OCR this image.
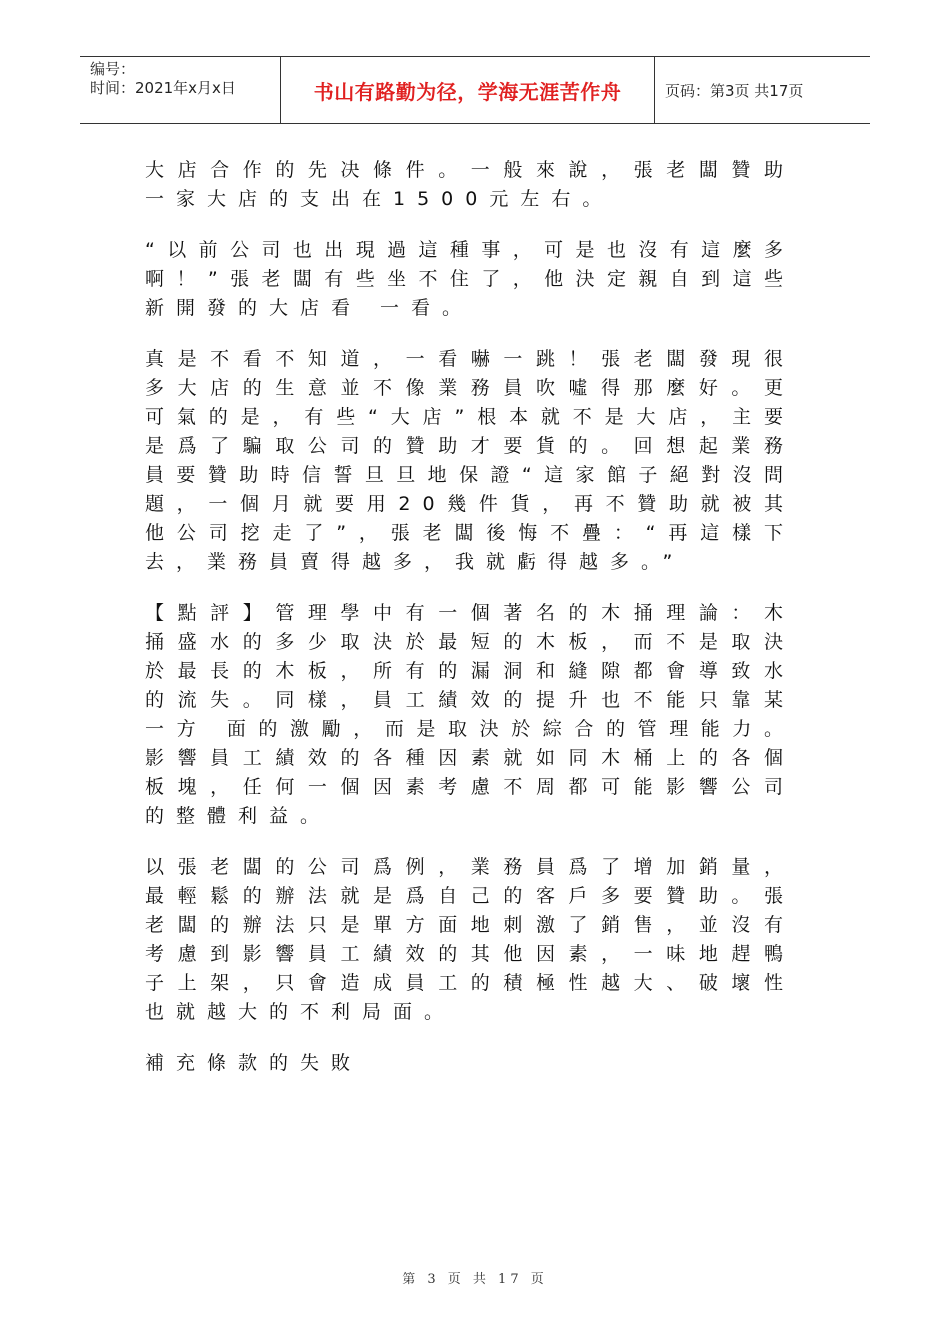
编号：
时间：2021年x月x日	书山有路勤为径，学海无涯苦作舟	页码：第3页 共17页

大店合作的先决條件。一般來說，張老闆贊助一家大店的支出在1500元左右。

“以前公司也出現過這種事，可是也沒有這麼多啊！”張老闆有些坐不住了，他決定親自到這些新開發的大店看 一看。

真是不看不知道，一看嚇一跳！張老闆發現很多大店的生意並不像業務員吹噓得那麼好。更可氣的是，有些“大店”根本就不是大店，主要是爲了騙取公司的贊助才要貨的。回想起業務員要贊助時信誓旦旦地保證“這家館子絕對沒問題，一個月就要用20幾件貨，再不贊助就被其他公司挖走了”，張老闆後悔不疊：“再這樣下去，業務員賣得越多，我就虧得越多。”

【點評】管理學中有一個著名的木捅理論：木捅盛水的多少取決於最短的木板，而不是取決於最長的木板，所有的漏洞和縫隙都會導致水的流失。同樣，員工績效的提升也不能只靠某一方 面的激勵，而是取決於綜合的管理能力。影響員工績效的各種因素就如同木桶上的各個板塊，任何一個因素考慮不周都可能影響公司的整體利益。

以張老闆的公司爲例，業務員爲了增加銷量，最輕鬆的辦法就是爲自己的客戶多要贊助。張老闆的辦法只是單方面地刺激了銷售，並沒有考慮到影響員工績效的其他因素，一味地趕鴨子上架，只會造成員工的積極性越大、破壞性也就越大的不利局面。

補充條款的失敗

第 3 页 共 17 页
